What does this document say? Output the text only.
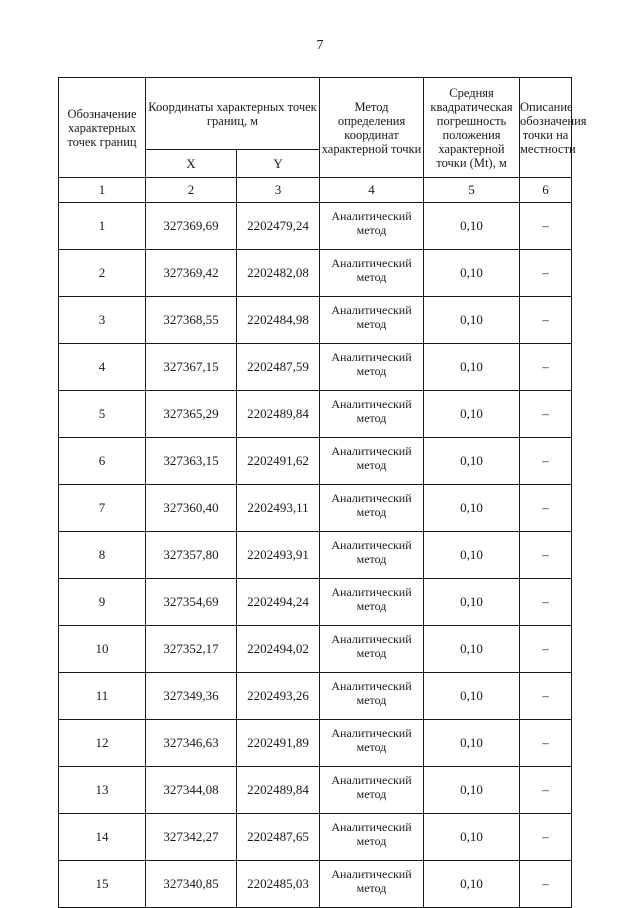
7
Обозначение характерных точек границ	Координаты характерных точек границ, м		Метод определения координат характерной точки	Средняя квадратическая погрешность положения характерной точки (Mt), м	Описание обозначения точки на местности
	X	Y			
1	2	3	4	5	6
1	327369,69	2202479,24	Аналитический метод	0,10	–
2	327369,42	2202482,08	Аналитический метод	0,10	–
3	327368,55	2202484,98	Аналитический метод	0,10	–
4	327367,15	2202487,59	Аналитический метод	0,10	–
5	327365,29	2202489,84	Аналитический метод	0,10	–
6	327363,15	2202491,62	Аналитический метод	0,10	–
7	327360,40	2202493,11	Аналитический метод	0,10	–
8	327357,80	2202493,91	Аналитический метод	0,10	–
9	327354,69	2202494,24	Аналитический метод	0,10	–
10	327352,17	2202494,02	Аналитический метод	0,10	–
11	327349,36	2202493,26	Аналитический метод	0,10	–
12	327346,63	2202491,89	Аналитический метод	0,10	–
13	327344,08	2202489,84	Аналитический метод	0,10	–
14	327342,27	2202487,65	Аналитический метод	0,10	–
15	327340,85	2202485,03	Аналитический метод	0,10	–
